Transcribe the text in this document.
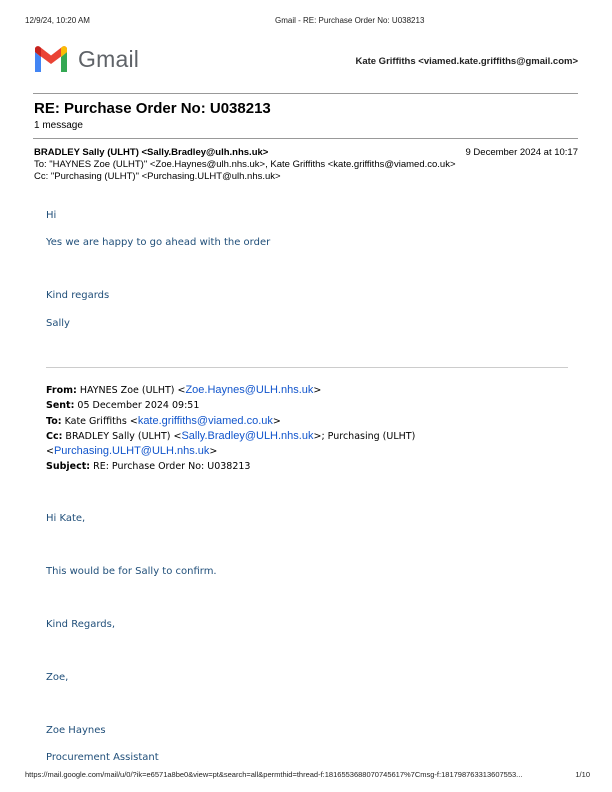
12/9/24, 10:20 AM	Gmail - RE: Purchase Order No: U038213
Gmail	Kate Griffiths <viamed.kate.griffiths@gmail.com>
RE: Purchase Order No: U038213
1 message
BRADLEY Sally (ULHT) <Sally.Bradley@ulh.nhs.uk>	9 December 2024 at 10:17
To: "HAYNES Zoe (ULHT)" <Zoe.Haynes@ulh.nhs.uk>, Kate Griffiths <kate.griffiths@viamed.co.uk>
Cc: "Purchasing (ULHT)" <Purchasing.ULHT@ulh.nhs.uk>
Hi
Yes we are happy to go ahead with the order
Kind regards
Sally
From: HAYNES Zoe (ULHT) <Zoe.Haynes@ULH.nhs.uk>
Sent: 05 December 2024 09:51
To: Kate Griffiths <kate.griffiths@viamed.co.uk>
Cc: BRADLEY Sally (ULHT) <Sally.Bradley@ULH.nhs.uk>; Purchasing (ULHT)
<Purchasing.ULHT@ULH.nhs.uk>
Subject: RE: Purchase Order No: U038213
Hi Kate,
This would be for Sally to confirm.
Kind Regards,
Zoe,
Zoe Haynes
Procurement Assistant
https://mail.google.com/mail/u/0/?ik=e6571a8be0&view=pt&search=all&permthid=thread-f:1816553688070745617%7Cmsg-f:181798763313607553...	1/10
